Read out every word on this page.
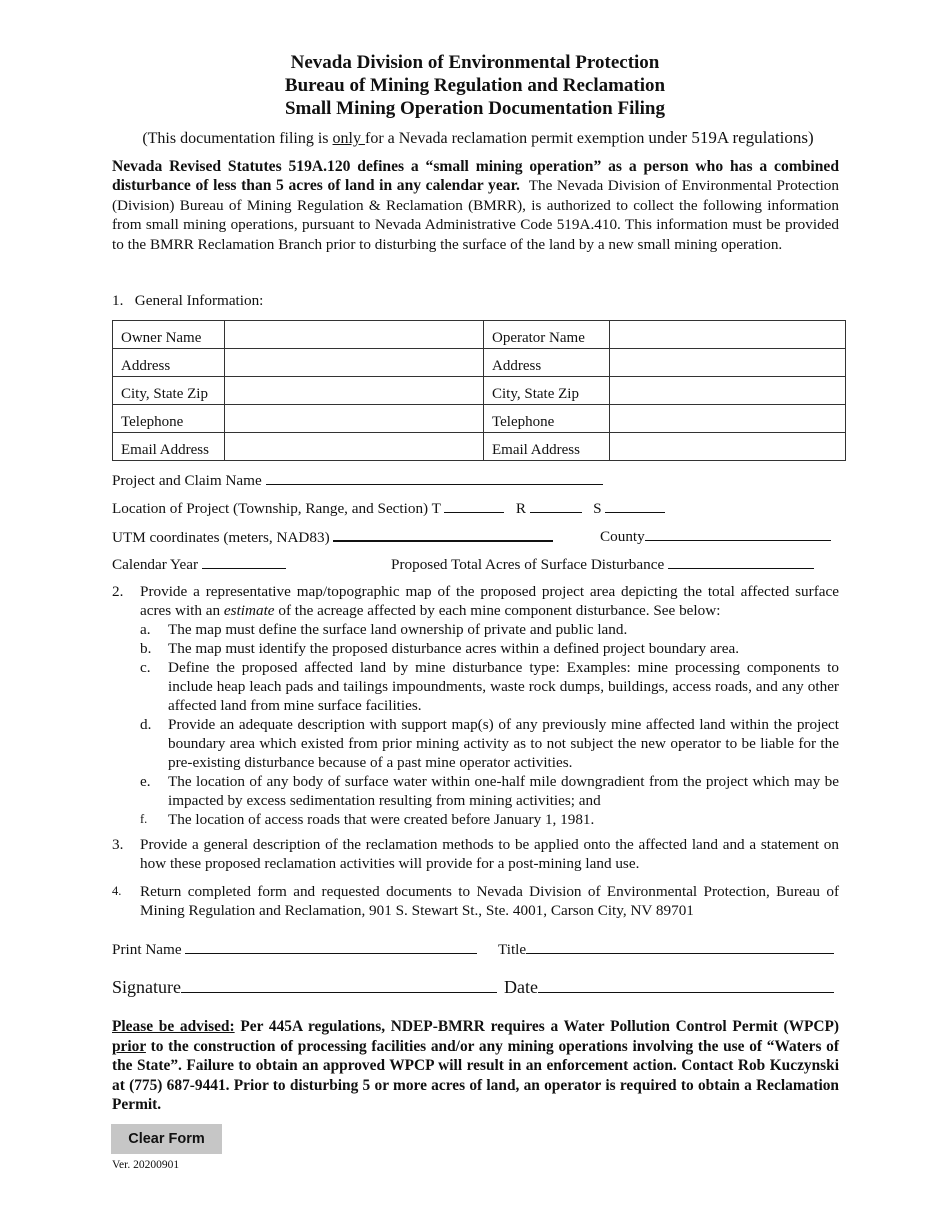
Nevada Division of Environmental Protection
Bureau of Mining Regulation and Reclamation
Small Mining Operation Documentation Filing
(This documentation filing is only for a Nevada reclamation permit exemption under 519A regulations)
Nevada Revised Statutes 519A.120 defines a “small mining operation” as a person who has a combined disturbance of less than 5 acres of land in any calendar year. The Nevada Division of Environmental Protection (Division) Bureau of Mining Regulation & Reclamation (BMRR), is authorized to collect the following information from small mining operations, pursuant to Nevada Administrative Code 519A.410. This information must be provided to the BMRR Reclamation Branch prior to disturbing the surface of the land by a new small mining operation.
1. General Information:
Owner Name		Operator Name	
Address		Address	
City, State Zip		City, State Zip	
Telephone		Telephone	
Email Address		Email Address	
Project and Claim Name
Location of Project (Township, Range, and Section) T	R	S
UTM coordinates (meters, NAD83)	County
Calendar Year	Proposed Total Acres of Surface Disturbance
2. Provide a representative map/topographic map of the proposed project area depicting the total affected surface acres with an estimate of the acreage affected by each mine component disturbance. See below:
a. The map must define the surface land ownership of private and public land.
b. The map must identify the proposed disturbance acres within a defined project boundary area.
c. Define the proposed affected land by mine disturbance type: Examples: mine processing components to include heap leach pads and tailings impoundments, waste rock dumps, buildings, access roads, and any other affected land from mine surface facilities.
d. Provide an adequate description with support map(s) of any previously mine affected land within the project boundary area which existed from prior mining activity as to not subject the new operator to be liable for the pre-existing disturbance because of a past mine operator activities.
e. The location of any body of surface water within one-half mile downgradient from the project which may be impacted by excess sedimentation resulting from mining activities; and
f. The location of access roads that were created before January 1, 1981.
3. Provide a general description of the reclamation methods to be applied onto the affected land and a statement on how these proposed reclamation activities will provide for a post-mining land use.
4. Return completed form and requested documents to Nevada Division of Environmental Protection, Bureau of Mining Regulation and Reclamation, 901 S. Stewart St., Ste. 4001, Carson City, NV 89701
Print Name	Title
Signature	Date
Please be advised: Per 445A regulations, NDEP-BMRR requires a Water Pollution Control Permit (WPCP) prior to the construction of processing facilities and/or any mining operations involving the use of “Waters of the State”. Failure to obtain an approved WPCP will result in an enforcement action. Contact Rob Kuczynski at (775) 687-9441. Prior to disturbing 5 or more acres of land, an operator is required to obtain a Reclamation Permit.
Clear Form
Ver. 20200901
